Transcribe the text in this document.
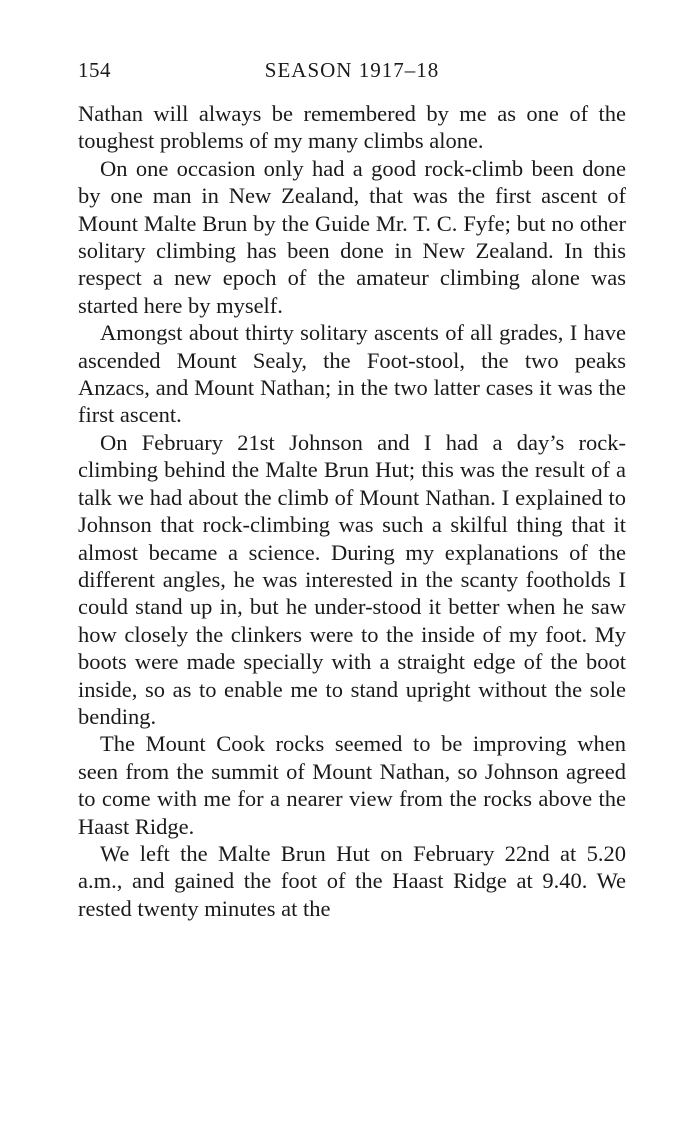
154	SEASON 1917–18

Nathan will always be remembered by me as one of the toughest problems of my many climbs alone.

On one occasion only had a good rock-climb been done by one man in New Zealand, that was the first ascent of Mount Malte Brun by the Guide Mr. T. C. Fyfe; but no other solitary climbing has been done in New Zealand. In this respect a new epoch of the amateur climbing alone was started here by myself.

Amongst about thirty solitary ascents of all grades, I have ascended Mount Sealy, the Foot-stool, the two peaks Anzacs, and Mount Nathan; in the two latter cases it was the first ascent.

On February 21st Johnson and I had a day’s rock-climbing behind the Malte Brun Hut; this was the result of a talk we had about the climb of Mount Nathan. I explained to Johnson that rock-climbing was such a skilful thing that it almost became a science. During my explanations of the different angles, he was interested in the scanty footholds I could stand up in, but he under-stood it better when he saw how closely the clinkers were to the inside of my foot. My boots were made specially with a straight edge of the boot inside, so as to enable me to stand upright without the sole bending.

The Mount Cook rocks seemed to be improving when seen from the summit of Mount Nathan, so Johnson agreed to come with me for a nearer view from the rocks above the Haast Ridge.

We left the Malte Brun Hut on February 22nd at 5.20 a.m., and gained the foot of the Haast Ridge at 9.40. We rested twenty minutes at the
